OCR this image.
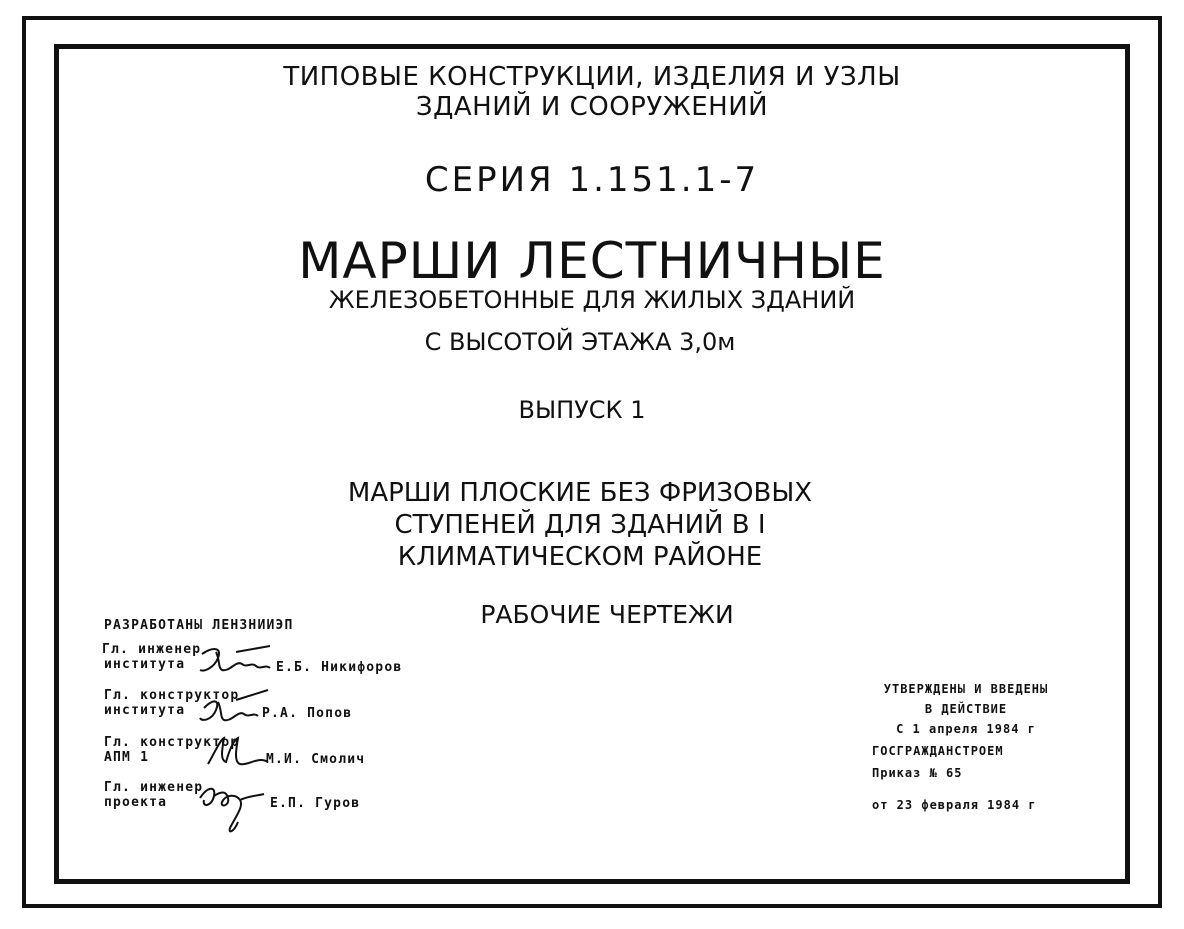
ТИПОВЫЕ КОНСТРУКЦИИ, ИЗДЕЛИЯ И УЗЛЫ
ЗДАНИЙ И СООРУЖЕНИЙ
СЕРИЯ 1.151.1-7
МАРШИ ЛЕСТНИЧНЫЕ
ЖЕЛЕЗОБЕТОННЫЕ ДЛЯ ЖИЛЫХ ЗДАНИЙ
С ВЫСОТОЙ ЭТАЖА 3,0м
ВЫПУСК 1
МАРШИ ПЛОСКИЕ БЕЗ ФРИЗОВЫХ
СТУПЕНЕЙ ДЛЯ ЗДАНИЙ В I
КЛИМАТИЧЕСКОМ РАЙОНЕ
РАБОЧИЕ ЧЕРТЕЖИ
РАЗРАБОТАНЫ ЛЕНЗНИИЭП
Гл. инженер
института	Е.Б. Никифоров
Гл. конструктор
института	Р.А. Попов
Гл. конструктор
АПМ 1	М.И. Смолич
Гл. инженер
проекта	Е.П. Гуров
УТВЕРЖДЕНЫ И ВВЕДЕНЫ
В ДЕЙСТВИЕ
С 1 апреля 1984 г
ГОСГРАЖДАНСТРОЕМ
Приказ № 65
от 23 февраля 1984 г
